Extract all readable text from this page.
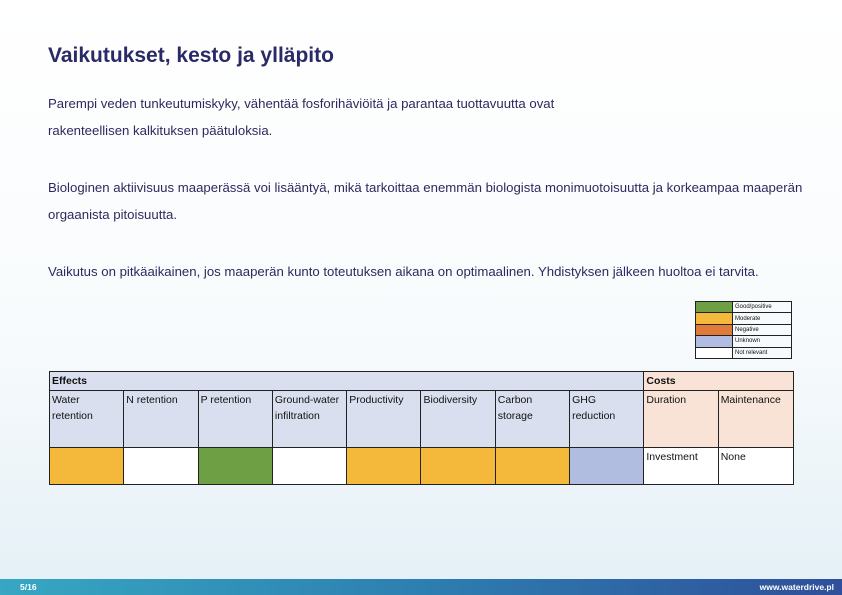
Vaikutukset, kesto ja ylläpito

Parempi veden tunkeutumiskyky, vähentää fosforihäviöitä ja parantaa tuottavuutta ovat rakenteellisen kalkituksen päätuloksia.

Biologinen aktiivisuus maaperässä voi lisääntyä, mikä tarkoittaa enemmän biologista monimuotoisuutta ja korkeampaa maaperän orgaanista pitoisuutta.

Vaikutus on pitkäaikainen, jos maaperän kunto toteutuksen aikana on optimaalinen. Yhdistyksen jälkeen huoltoa ei tarvita.

	Good/positive
	Moderate
	Negative
	Unknown
	Not relevant
Effects								Costs	
Water retention	N retention	P retention	Ground-water infiltration	Productivity	Biodiversity	Carbon storage	GHG reduction	Duration	Maintenance
								Investment	None
5/16	www.waterdrive.pl
